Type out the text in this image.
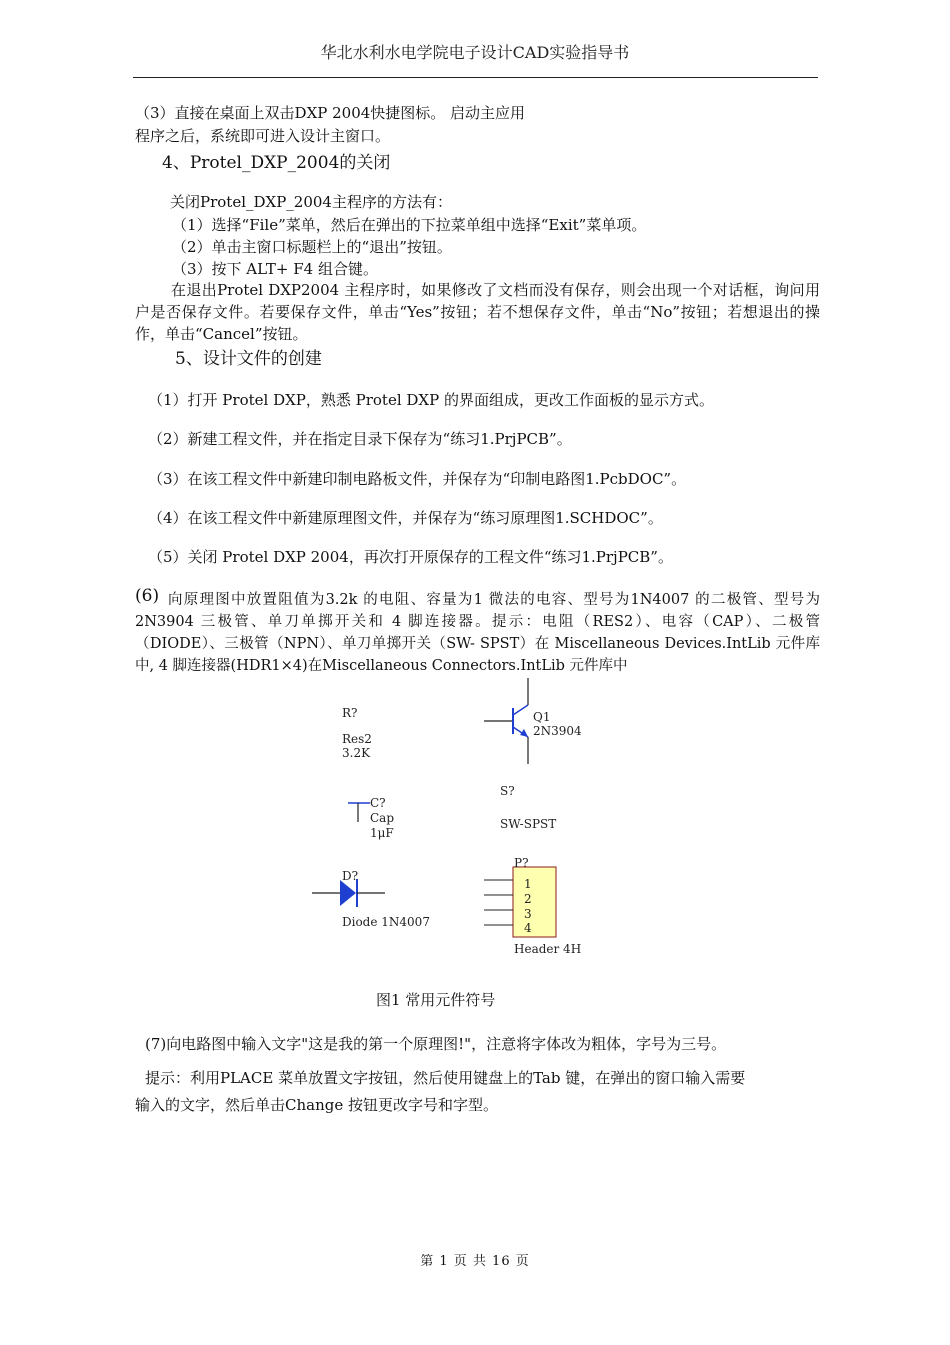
华北水利水电学院电子设计CAD实验指导书
（3）直接在桌面上双击DXP 2004快捷图标。 启动主应用
程序之后，系统即可进入设计主窗口。
4、Protel_DXP_2004的关闭
关闭Protel_DXP_2004主程序的方法有：
（1）选择“File”菜单，然后在弹出的下拉菜单组中选择“Exit”菜单项。
（2）单击主窗口标题栏上的“退出”按钮。
（3）按下 ALT+ F4 组合键。
在退出Protel DXP2004 主程序时，如果修改了文档而没有保存，则会出现一个对话框，询问用户是否保存文件。若要保存文件，单击“Yes”按钮；若不想保存文件，单击“No”按钮；若想退出的操作，单击“Cancel”按钮。
5、设计文件的创建
（1）打开 Protel DXP，熟悉 Protel DXP 的界面组成，更改工作面板的显示方式。
（2）新建工程文件，并在指定目录下保存为“练习1.PrjPCB”。
（3）在该工程文件中新建印制电路板文件，并保存为“印制电路图1.PcbDOC”。
（4）在该工程文件中新建原理图文件，并保存为“练习原理图1.SCHDOC”。
（5）关闭 Protel DXP 2004，再次打开原保存的工程文件“练习1.PrjPCB”。
(6) 向原理图中放置阻值为3.2k 的电阻、容量为1 微法的电容、型号为1N4007 的二极管、型号为 2N3904 三极管、单刀单掷开关和 4 脚连接器。提示：电阻（RES2）、电容（CAP）、二极管（DIODE）、三极管（NPN）、单刀单掷开关（SW- SPST）在 Miscellaneous Devices.IntLib 元件库中, 4 脚连接器(HDR1×4)在Miscellaneous Connectors.IntLib 元件库中
R?
Res2
3.2K
Q1
2N3904
S?
SW-SPST
C?
Cap
1μF
D?
Diode 1N4007
P?
1
2
3
4
Header 4H
图1 常用元件符号
(7)向电路图中输入文字"这是我的第一个原理图!"，注意将字体改为粗体，字号为三号。
提示：利用PLACE 菜单放置文字按钮，然后使用键盘上的Tab 键，在弹出的窗口输入需要
输入的文字，然后单击Change 按钮更改字号和字型。
第 1 页 共 16 页
